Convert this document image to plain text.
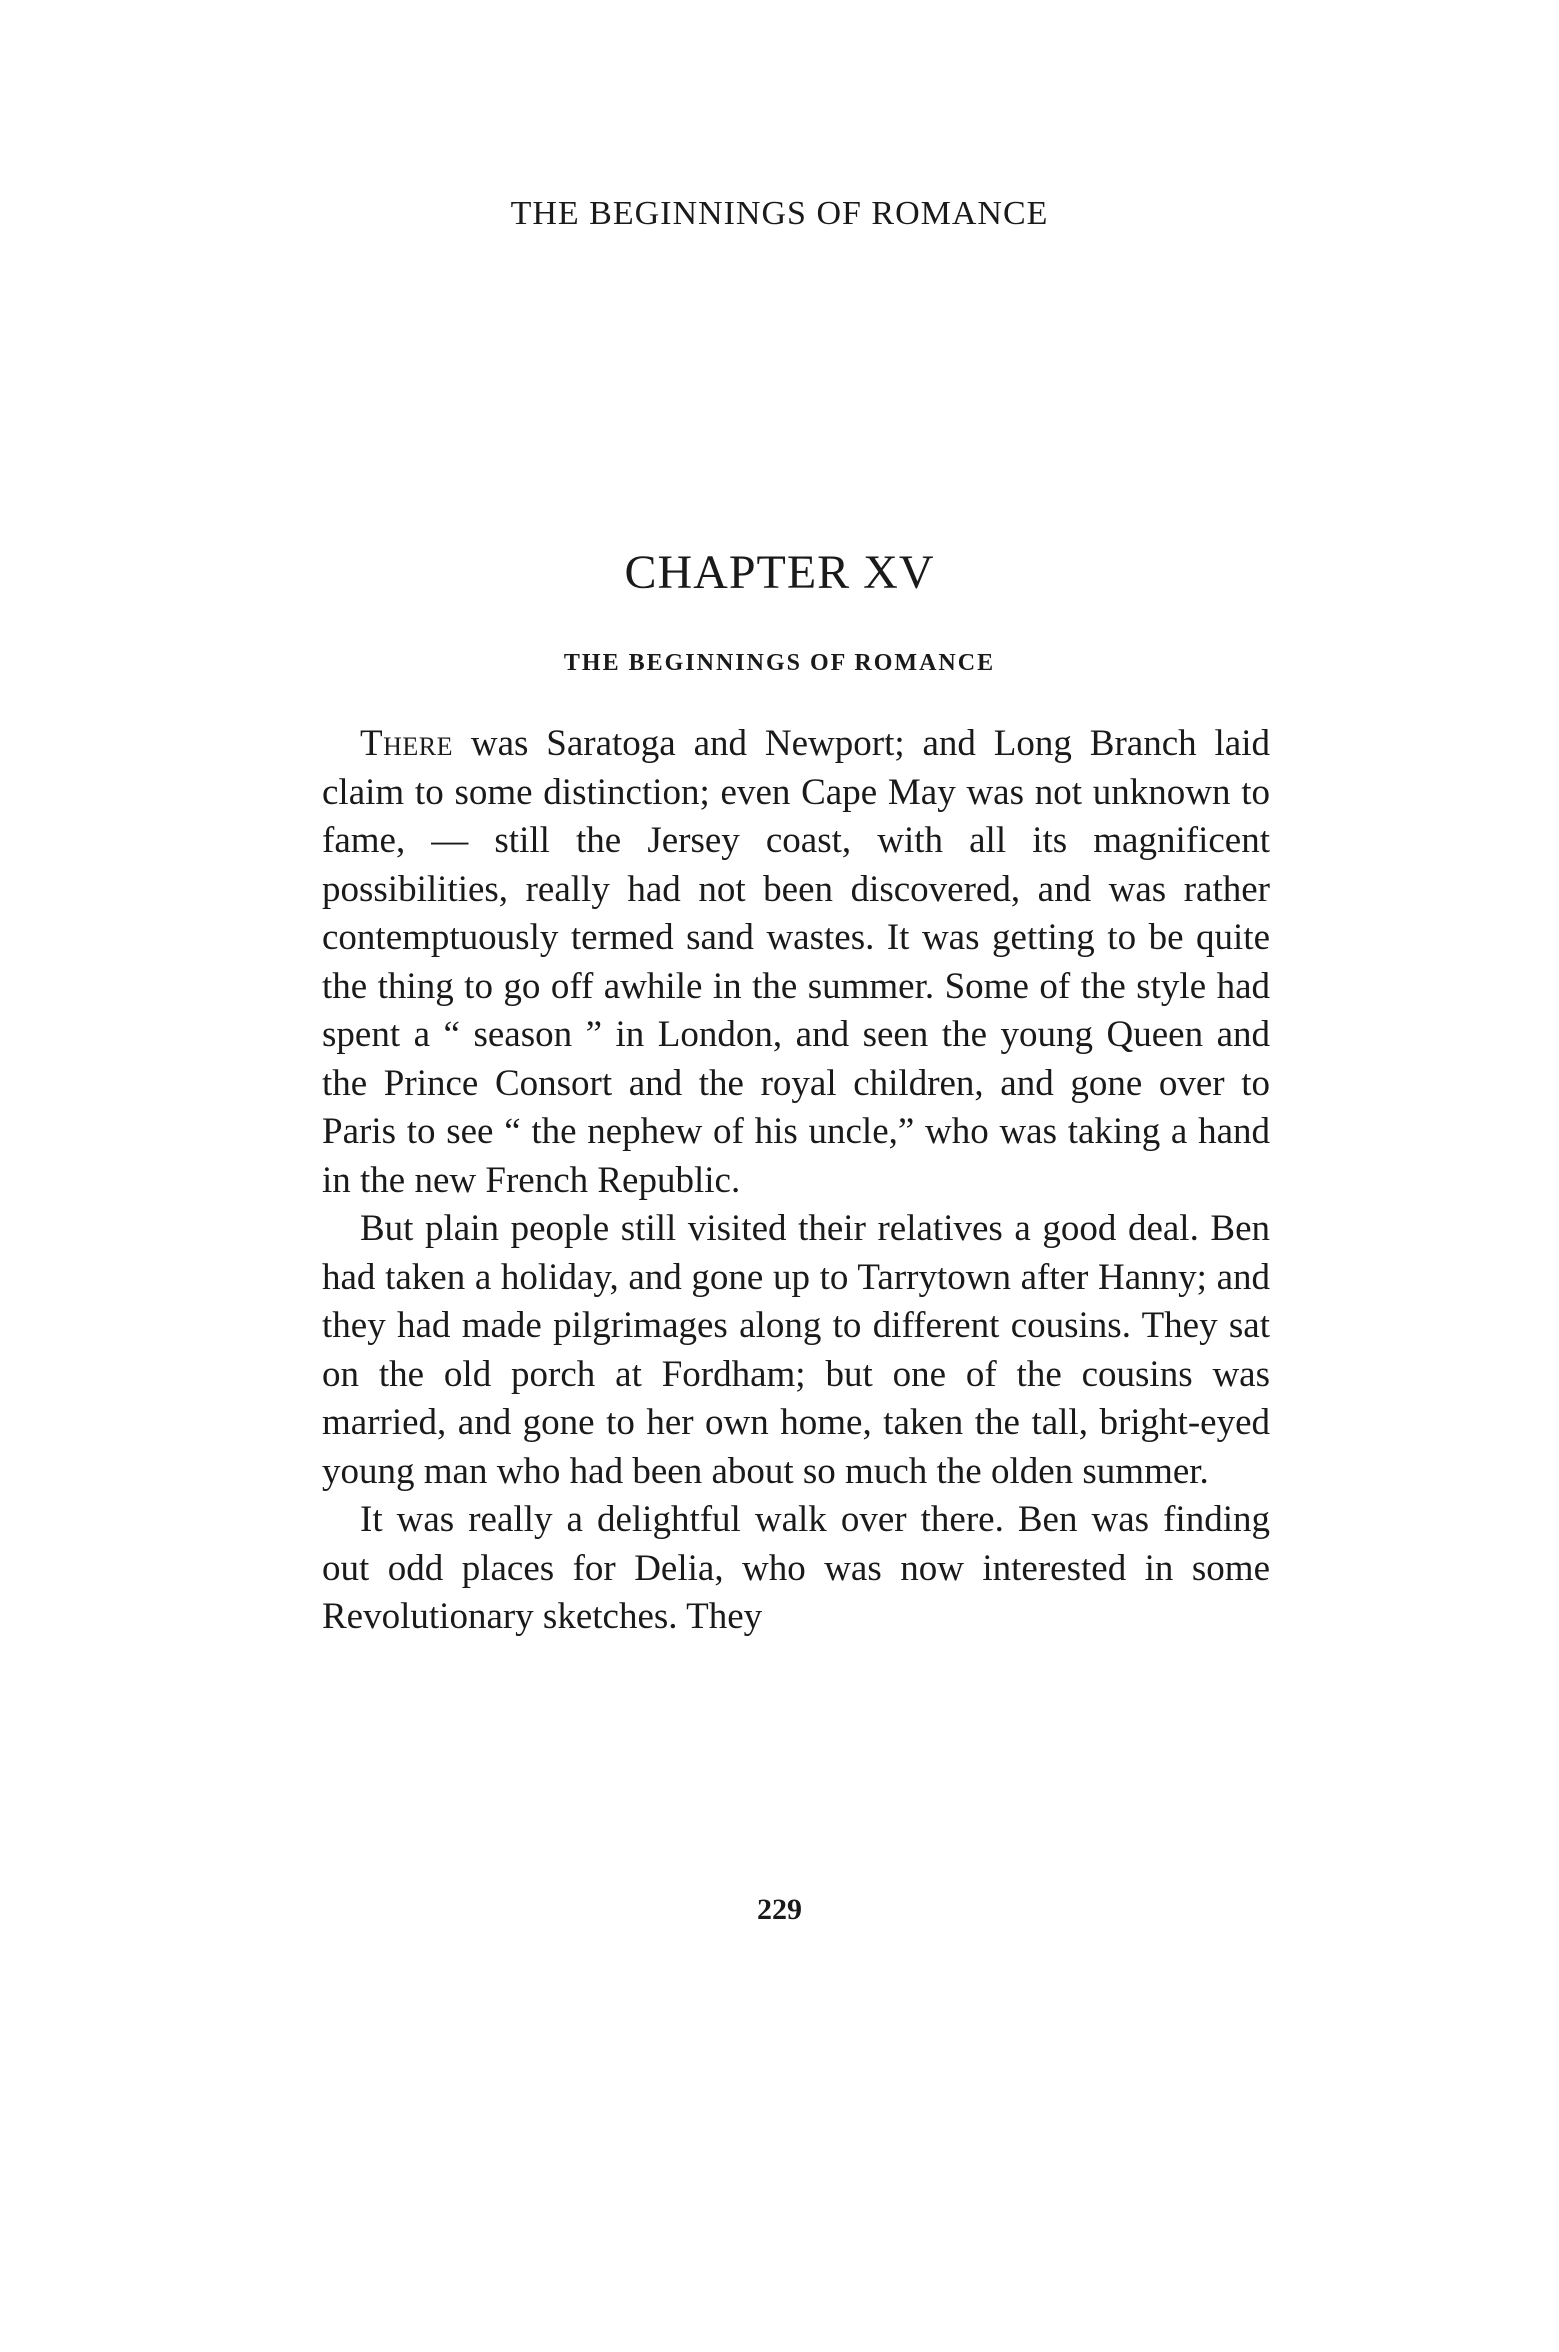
THE BEGINNINGS OF ROMANCE
CHAPTER XV
THE BEGINNINGS OF ROMANCE

There was Saratoga and Newport; and Long Branch laid claim to some distinction; even Cape May was not unknown to fame, — still the Jersey coast, with all its magnificent possibilities, really had not been discovered, and was rather contemptuously termed sand wastes. It was getting to be quite the thing to go off awhile in the summer. Some of the style had spent a “ season ” in London, and seen the young Queen and the Prince Consort and the royal children, and gone over to Paris to see “ the nephew of his uncle,” who was taking a hand in the new French Republic.

But plain people still visited their relatives a good deal. Ben had taken a holiday, and gone up to Tarrytown after Hanny; and they had made pilgrimages along to different cousins. They sat on the old porch at Fordham; but one of the cousins was married, and gone to her own home, taken the tall, bright-eyed young man who had been about so much the olden summer.

It was really a delightful walk over there. Ben was finding out odd places for Delia, who was now interested in some Revolutionary sketches. They

229
